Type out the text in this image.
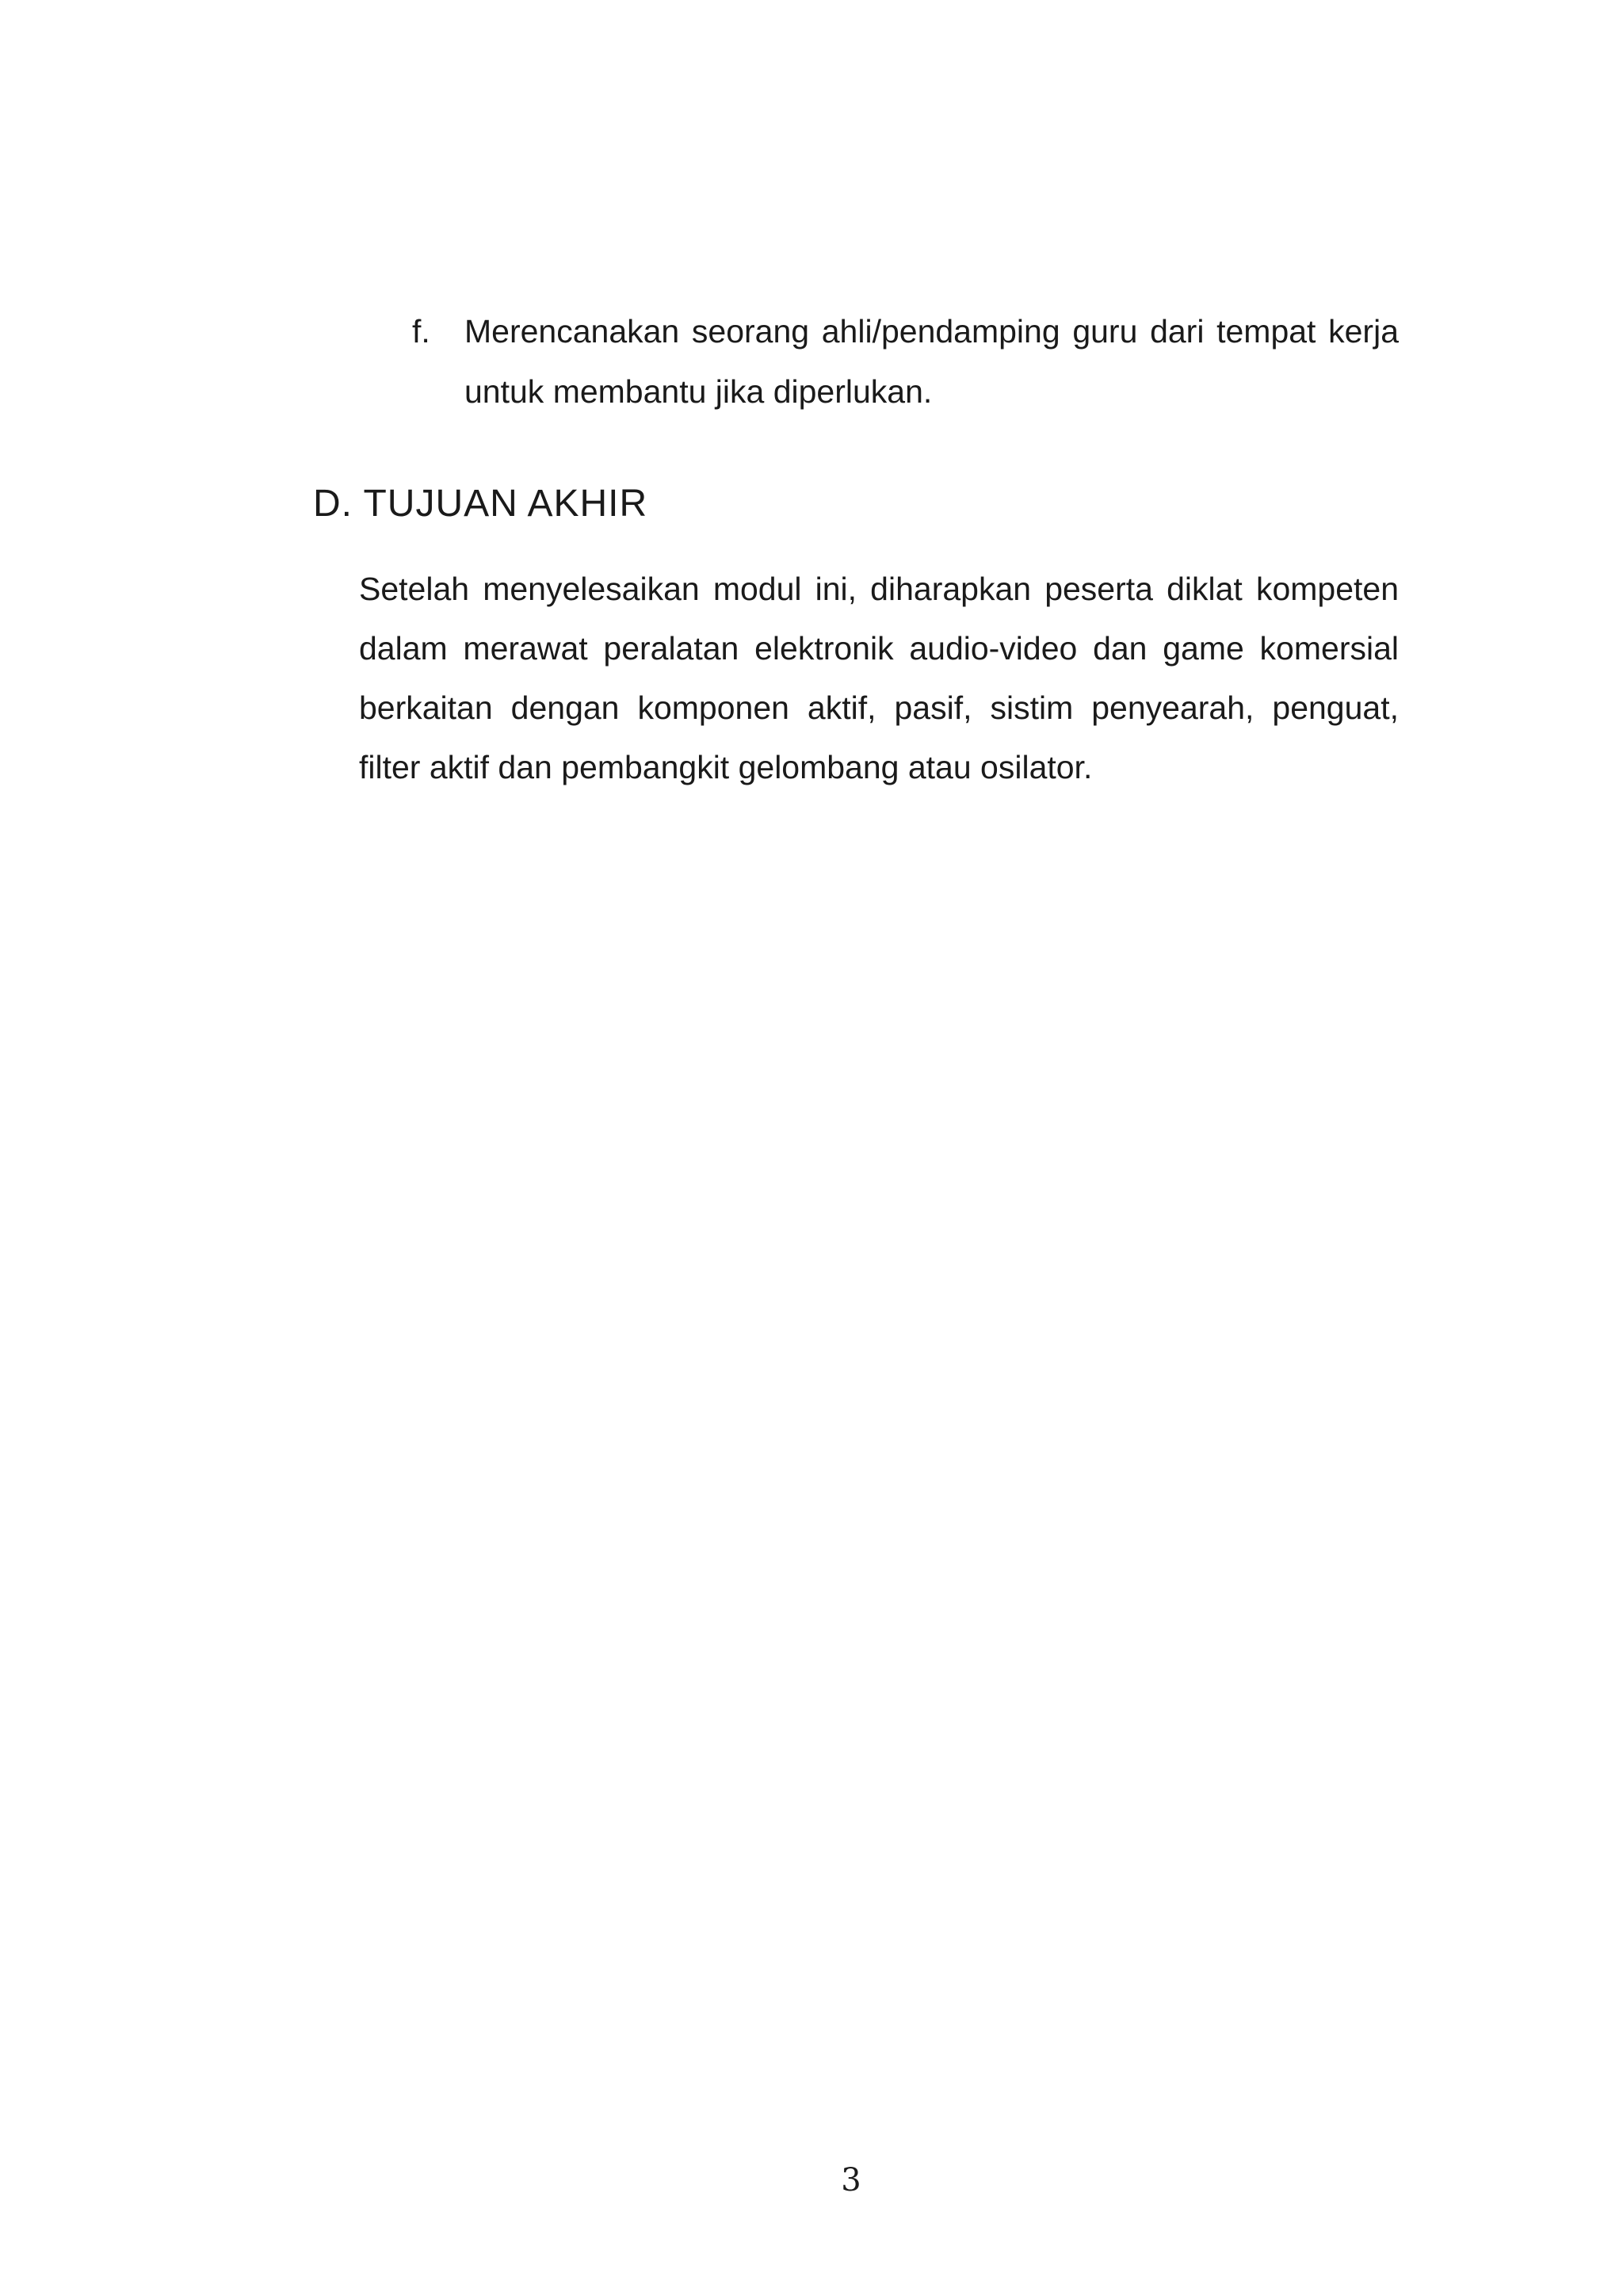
f.	Merencanakan seorang ahli/pendamping guru dari tempat kerja untuk membantu jika diperlukan.
D. TUJUAN AKHIR

Setelah menyelesaikan modul ini, diharapkan peserta diklat kompeten dalam merawat peralatan elektronik audio-video dan game komersial berkaitan dengan komponen aktif, pasif, sistim penyearah, penguat, filter aktif dan pembangkit gelombang atau osilator.

3
